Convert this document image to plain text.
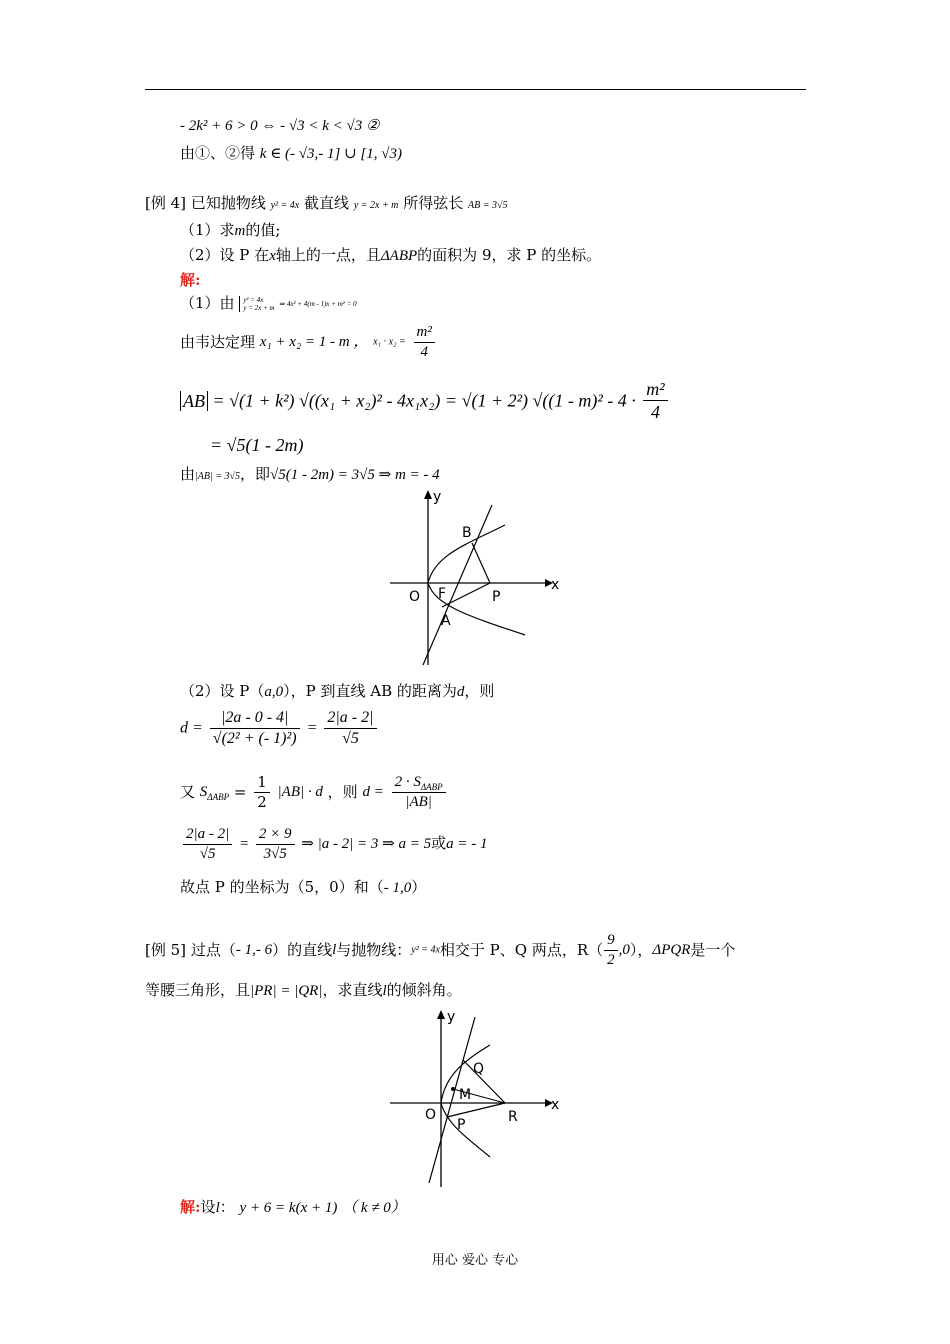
- 2k² + 6 > 0 ⇔ - √3 < k < √3 ②
由①、②得 k ∈ (- √3,- 1] ∪ [1, √3)
[例 4] 已知抛物线 y² = 4x 截直线 y = 2x + m 所得弦长 AB = 3√5
（1）求m的值;
（2）设 P 在x轴上的一点，且ΔABP的面积为 9，求 P 的坐标。
解:
（1）由 y² = 4x
y = 2x + m ⇒ 4x² + 4(m - 1)x + m² = 0
由韦达定理 x₁ + x₂ = 1 - m ， $x_1 \cdot x_2 = \frac{\text{m²}}{4}$
AB = √(1 + k²) √((x₁ + x₂)² - 4x₁x₂) = √(1 + 2²) $√((1 - m)^2 - 4 \cdot \frac{\text{m²}}{4}$
= √5(1 - 2m)
由|AB| = 3√5，即√5(1 - 2m) = 3√5 ⇒ m = - 4
B
x
y
O F	P
A
（2）设 P（a,0），P 到直线 AB 的距离为d，则
$d = \frac{|2a - 0 - 4|}{\text{√(2² + (- 1)²)}} = \frac{2|a - 2|}{√5}$
又 $S_{\Delta ABP} = \frac{1}{2} |AB| \cdot d$ ，则 $d = \frac{2 \cdot S_{\Delta ABP}}{|AB|}$
$\frac{2|a - 2|}{√5} = \frac{2 \times 9}{3√5}$ ⇒ |a - 2| = 3 ⇒ a = 5或a = - 1
故点 P 的坐标为（5，0）和（- 1,0）
[例 5] 过点（- 1,- 6）的直线l与抛物线：y² = 4x相交于 P、Q 两点，$R( \frac{9}{2} ,0)$，ΔPQR是一个
等腰三角形，且|PR| = |QR|，求直线l的倾斜角。
x
y
Q
M
O	R
P
解:设l： y + 6 = k(x + 1) （ k ≠ 0）
用心 爱心 专心
